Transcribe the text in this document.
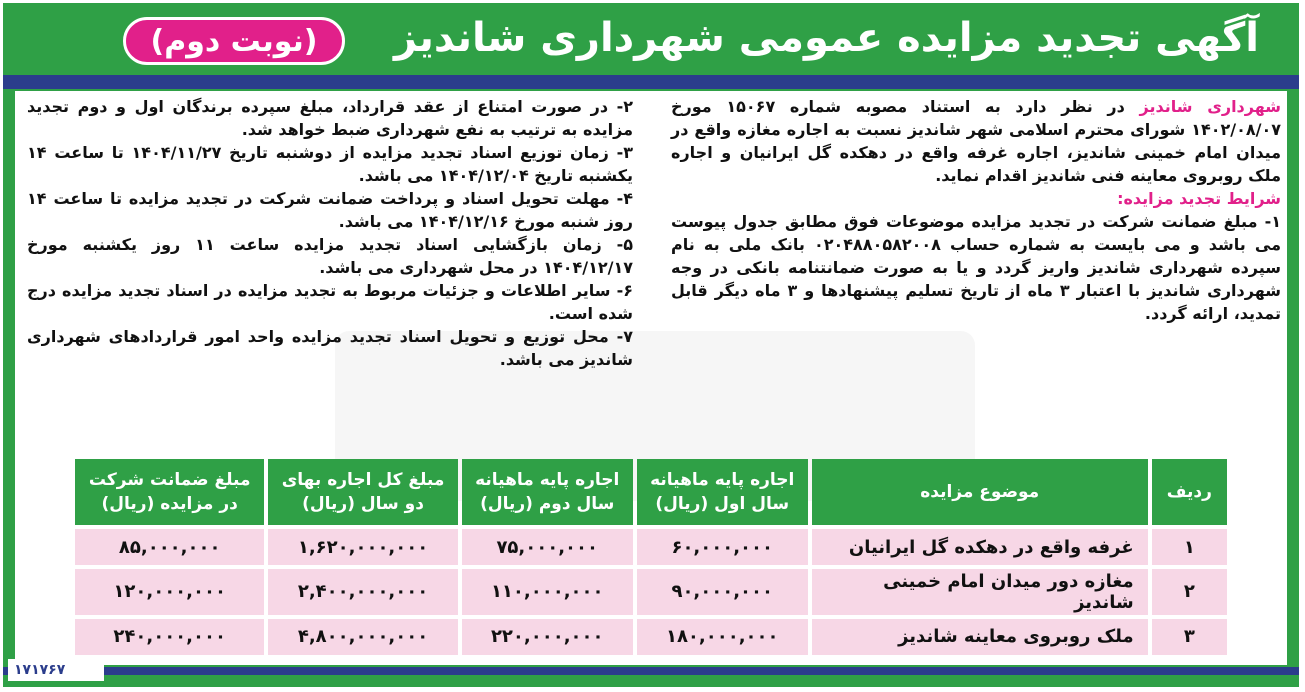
آگهی تجدید مزایده عمومی شهرداری شاندیز
(نوبت دوم)

شهرداری شاندیز در نظر دارد به استناد مصوبه شماره ۱۵۰۶۷ مورخ ۱۴۰۲/۰۸/۰۷ شورای محترم اسلامی شهر شاندیز نسبت به اجاره مغازه واقع در میدان امام خمینی شاندیز، اجاره غرفه واقع در دهکده گل ایرانیان و اجاره ملک روبروی معاینه فنی شاندیز اقدام نماید.

شرایط تجدید مزایده:

۱- مبلغ ضمانت شرکت در تجدید مزایده موضوعات فوق مطابق جدول پیوست می باشد و می بایست به شماره حساب ۰۲۰۴۸۸۰۵۸۲۰۰۸ بانک ملی به نام سپرده شهرداری شاندیز واریز گردد و یا به صورت ضمانتنامه بانکی در وجه شهرداری شاندیز با اعتبار ۳ ماه از تاریخ تسلیم پیشنهادها و ۳ ماه دیگر قابل تمدید، ارائه گردد.

۲- در صورت امتناع از عقد قرارداد، مبلغ سپرده برندگان اول و دوم تجدید مزایده به ترتیب به نفع شهرداری ضبط خواهد شد.

۳- زمان توزیع اسناد تجدید مزایده از دوشنبه تاریخ ۱۴۰۴/۱۱/۲۷ تا ساعت ۱۴ یکشنبه تاریخ ۱۴۰۴/۱۲/۰۴ می باشد.

۴- مهلت تحویل اسناد و پرداخت ضمانت شرکت در تجدید مزایده تا ساعت ۱۴ روز شنبه مورخ ۱۴۰۴/۱۲/۱۶ می باشد.

۵- زمان بازگشایی اسناد تجدید مزایده ساعت ۱۱ روز یکشنبه مورخ ۱۴۰۴/۱۲/۱۷ در محل شهرداری می باشد.

۶- سایر اطلاعات و جزئیات مربوط به تجدید مزایده در اسناد تجدید مزایده درج شده است.

۷- محل توزیع و تحویل اسناد تجدید مزایده واحد امور قراردادهای شهرداری شاندیز می باشد.

ردیف	موضوع مزایده	اجاره پایه ماهیانه سال اول (ریال)	اجاره پایه ماهیانه سال دوم (ریال)	مبلغ کل اجاره بهای دو سال (ریال)	مبلغ ضمانت شرکت در مزایده (ریال)
۱	غرفه واقع در دهکده گل ایرانیان	۶۰,۰۰۰,۰۰۰	۷۵,۰۰۰,۰۰۰	۱,۶۲۰,۰۰۰,۰۰۰	۸۵,۰۰۰,۰۰۰
۲	مغازه دور میدان امام خمینی شاندیز	۹۰,۰۰۰,۰۰۰	۱۱۰,۰۰۰,۰۰۰	۲,۴۰۰,۰۰۰,۰۰۰	۱۲۰,۰۰۰,۰۰۰
۳	ملک روبروی معاینه شاندیز	۱۸۰,۰۰۰,۰۰۰	۲۲۰,۰۰۰,۰۰۰	۴,۸۰۰,۰۰۰,۰۰۰	۲۴۰,۰۰۰,۰۰۰
۱۷۱۷۶۷
